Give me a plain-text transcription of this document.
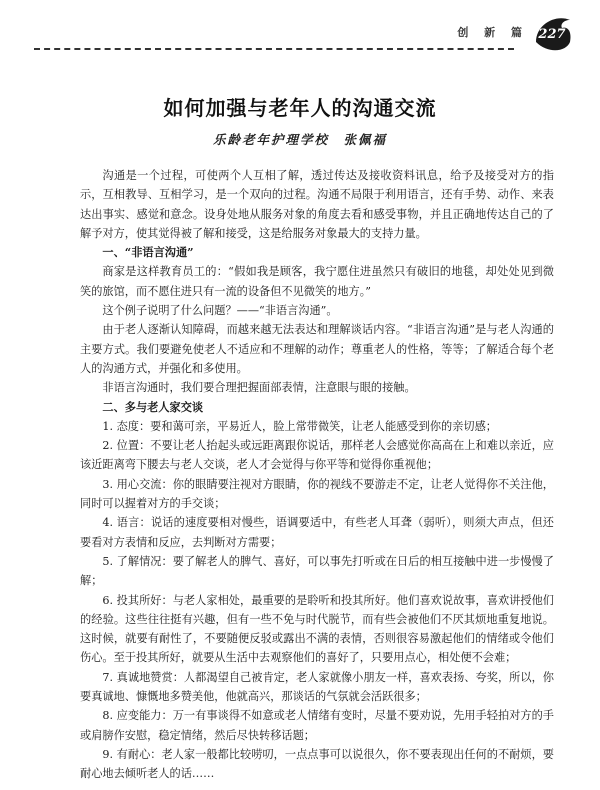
创 新 篇 227
如何加强与老年人的沟通交流
乐龄老年护理学校　张佩福

沟通是一个过程，可使两个人互相了解，透过传达及接收资料讯息，给予及接受对方的指示，互相教导、互相学习，是一个双向的过程。沟通不局限于利用语言，还有手势、动作、来表达出事实、感觉和意念。设身处地从服务对象的角度去看和感受事物，并且正确地传达自己的了解予对方，使其觉得被了解和接受，这是给服务对象最大的支持力量。

一、“非语言沟通”

商家是这样教育员工的：“假如我是顾客，我宁愿住进虽然只有破旧的地毯，却处处见到微笑的旅馆，而不愿住进只有一流的设备但不见微笑的地方。”

这个例子说明了什么问题？——“非语言沟通”。

由于老人逐渐认知障碍，而越来越无法表达和理解谈话内容。“非语言沟通”是与老人沟通的主要方式。我们要避免使老人不适应和不理解的动作；尊重老人的性格，等等；了解适合每个老人的沟通方式，并强化和多使用。

非语言沟通时，我们要合理把握面部表情，注意眼与眼的接触。

二、多与老人家交谈

1. 态度：要和蔼可亲，平易近人，脸上常带微笑，让老人能感受到你的亲切感；

2. 位置：不要让老人抬起头或远距离跟你说话，那样老人会感觉你高高在上和难以亲近，应该近距离弯下腰去与老人交谈，老人才会觉得与你平等和觉得你重视他；

3. 用心交流：你的眼睛要注视对方眼睛，你的视线不要游走不定，让老人觉得你不关注他，同时可以握着对方的手交谈；

4. 语言：说话的速度要相对慢些，语调要适中，有些老人耳聋（弱听），则须大声点，但还要看对方表情和反应，去判断对方需要；

5. 了解情况：要了解老人的脾气、喜好，可以事先打听或在日后的相互接触中进一步慢慢了解；

6. 投其所好：与老人家相处，最重要的是聆听和投其所好。他们喜欢说故事，喜欢讲授他们的经验。这些往往挺有兴趣，但有一些不免与时代脱节，而有些会被他们不厌其烦地重复地说。这时候，就要有耐性了，不要随便反驳或露出不满的表情，否则很容易激起他们的情绪或令他们伤心。至于投其所好，就要从生活中去观察他们的喜好了，只要用点心，相处便不会难；

7. 真诚地赞赏：人都渴望自己被肯定，老人家就像小朋友一样，喜欢表扬、夸奖，所以，你要真诚地、慷慨地多赞美他，他就高兴，那谈话的气氛就会活跃很多；

8. 应变能力：万一有事谈得不如意或老人情绪有变时，尽量不要劝说，先用手轻拍对方的手或肩膀作安慰，稳定情绪，然后尽快转移话题；

9. 有耐心：老人家一般都比较唠叨，一点点事可以说很久，你不要表现出任何的不耐烦，要耐心地去倾听老人的话……
